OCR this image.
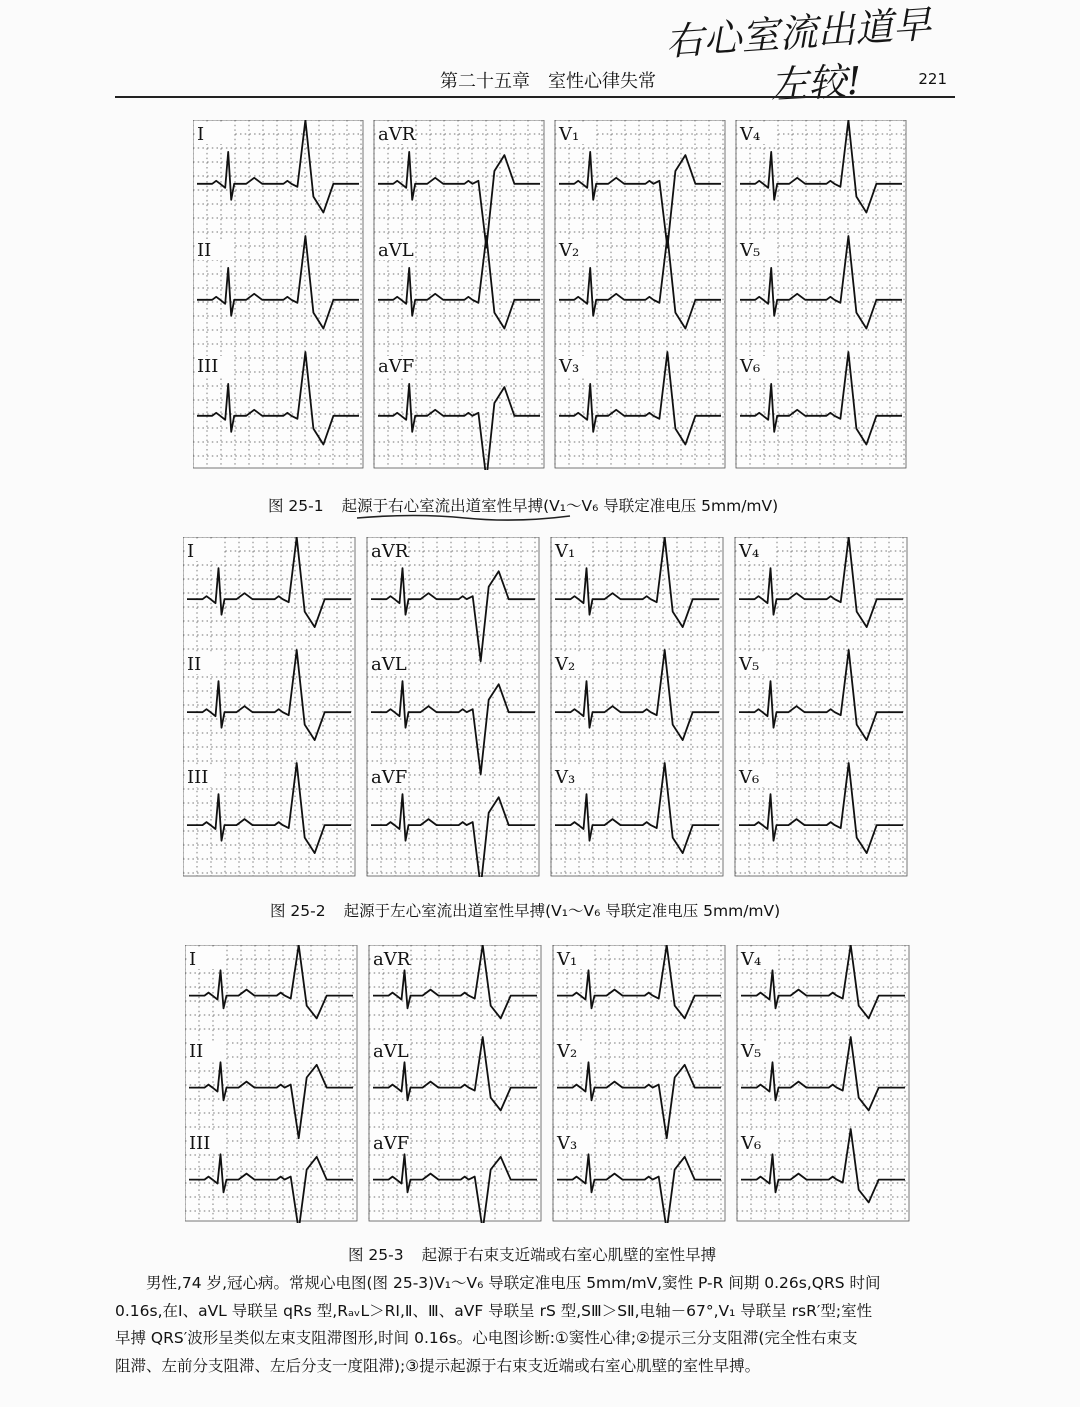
右心室流出道早
左较!
第二十五章　室性心律失常	221
I
II
III
aVR
aVL
aVF
V₁
V₂
V₃
V₄
V₅
V₆
图 25-1 起源于右心室流出道室性早搏(V₁～V₆ 导联定准电压 5mm/mV)
I
II
III
aVR
aVL
aVF
V₁
V₂
V₃
V₄
V₅
V₆
图 25-2 起源于左心室流出道室性早搏(V₁～V₆ 导联定准电压 5mm/mV)
I
II
III
aVR
aVL
aVF
V₁
V₂
V₃
V₄
V₅
V₆
图 25-3 起源于右束支近端或右室心肌壁的室性早搏

男性,74 岁,冠心病。常规心电图(图 25-3)V₁～V₆ 导联定准电压 5mm/mV,窦性 P-R 间期 0.26s,QRS 时间

0.16s,在Ⅰ、aVL 导联呈 qRs 型,RₐᵥL＞RⅠ,Ⅱ、Ⅲ、aVF 导联呈 rS 型,SⅢ＞SⅡ,电轴－67°,V₁ 导联呈 rsR′型;室性

早搏 QRS′波形呈类似左束支阻滞图形,时间 0.16s。心电图诊断:①窦性心律;②提示三分支阻滞(完全性右束支

阻滞、左前分支阻滞、左后分支一度阻滞);③提示起源于右束支近端或右室心肌壁的室性早搏。
